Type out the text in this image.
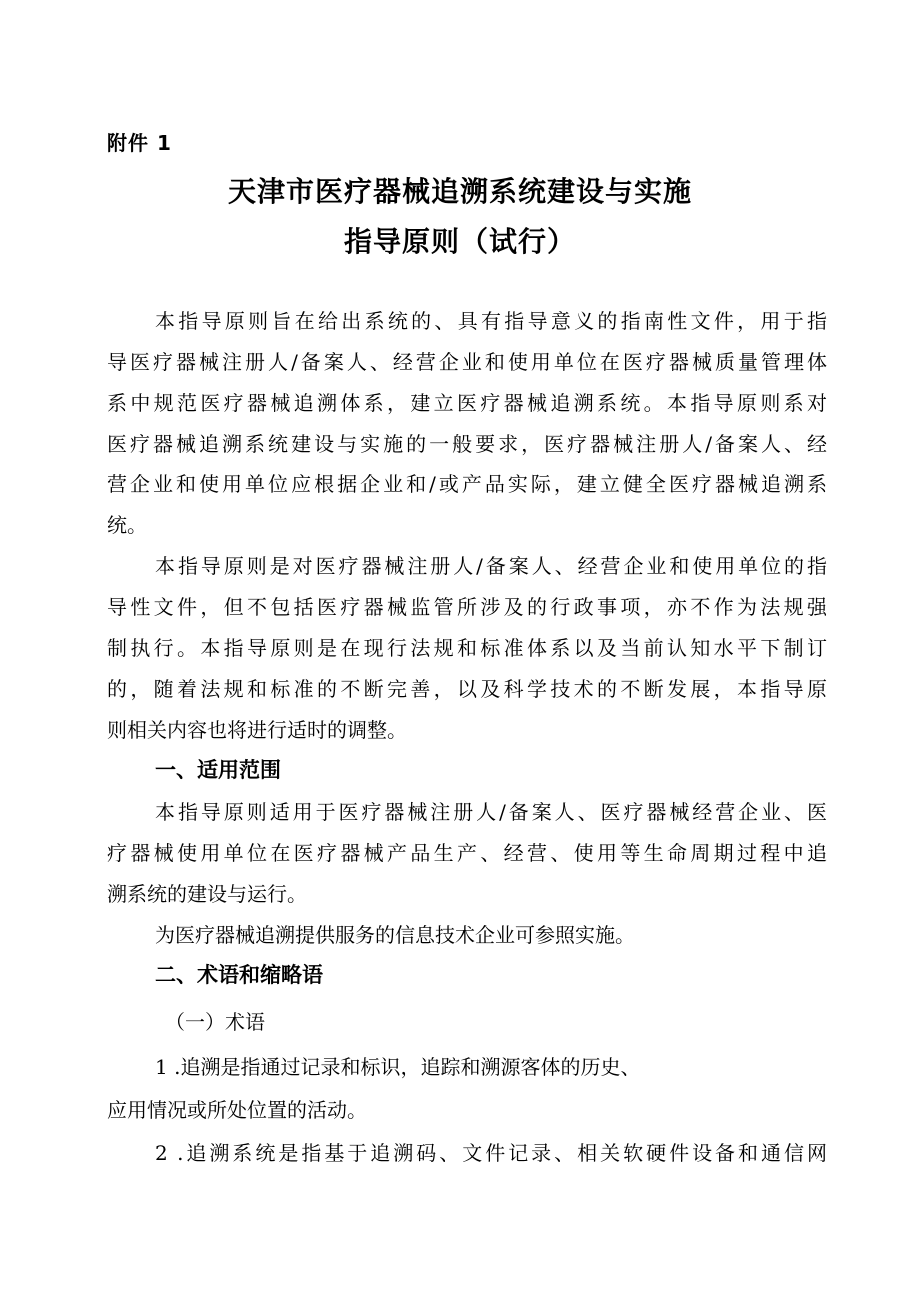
附件 1
天津市医疗器械追溯系统建设与实施
指导原则（试行）
本指导原则旨在给出系统的、具有指导意义的指南性文件，用于指
导医疗器械注册人/备案人、经营企业和使用单位在医疗器械质量管理体
系中规范医疗器械追溯体系，建立医疗器械追溯系统。本指导原则系对
医疗器械追溯系统建设与实施的一般要求，医疗器械注册人/备案人、经
营企业和使用单位应根据企业和/或产品实际，建立健全医疗器械追溯系
统。
本指导原则是对医疗器械注册人/备案人、经营企业和使用单位的指
导性文件，但不包括医疗器械监管所涉及的行政事项，亦不作为法规强
制执行。本指导原则是在现行法规和标准体系以及当前认知水平下制订
的，随着法规和标准的不断完善，以及科学技术的不断发展，本指导原
则相关内容也将进行适时的调整。
一、适用范围
本指导原则适用于医疗器械注册人/备案人、医疗器械经营企业、医
疗器械使用单位在医疗器械产品生产、经营、使用等生命周期过程中追
溯系统的建设与运行。
为医疗器械追溯提供服务的信息技术企业可参照实施。
二、术语和缩略语
（一）术语
1 .追溯是指通过记录和标识，追踪和溯源客体的历史、
应用情况或所处位置的活动。
2 .追溯系统是指基于追溯码、文件记录、相关软硬件设备和通信网
